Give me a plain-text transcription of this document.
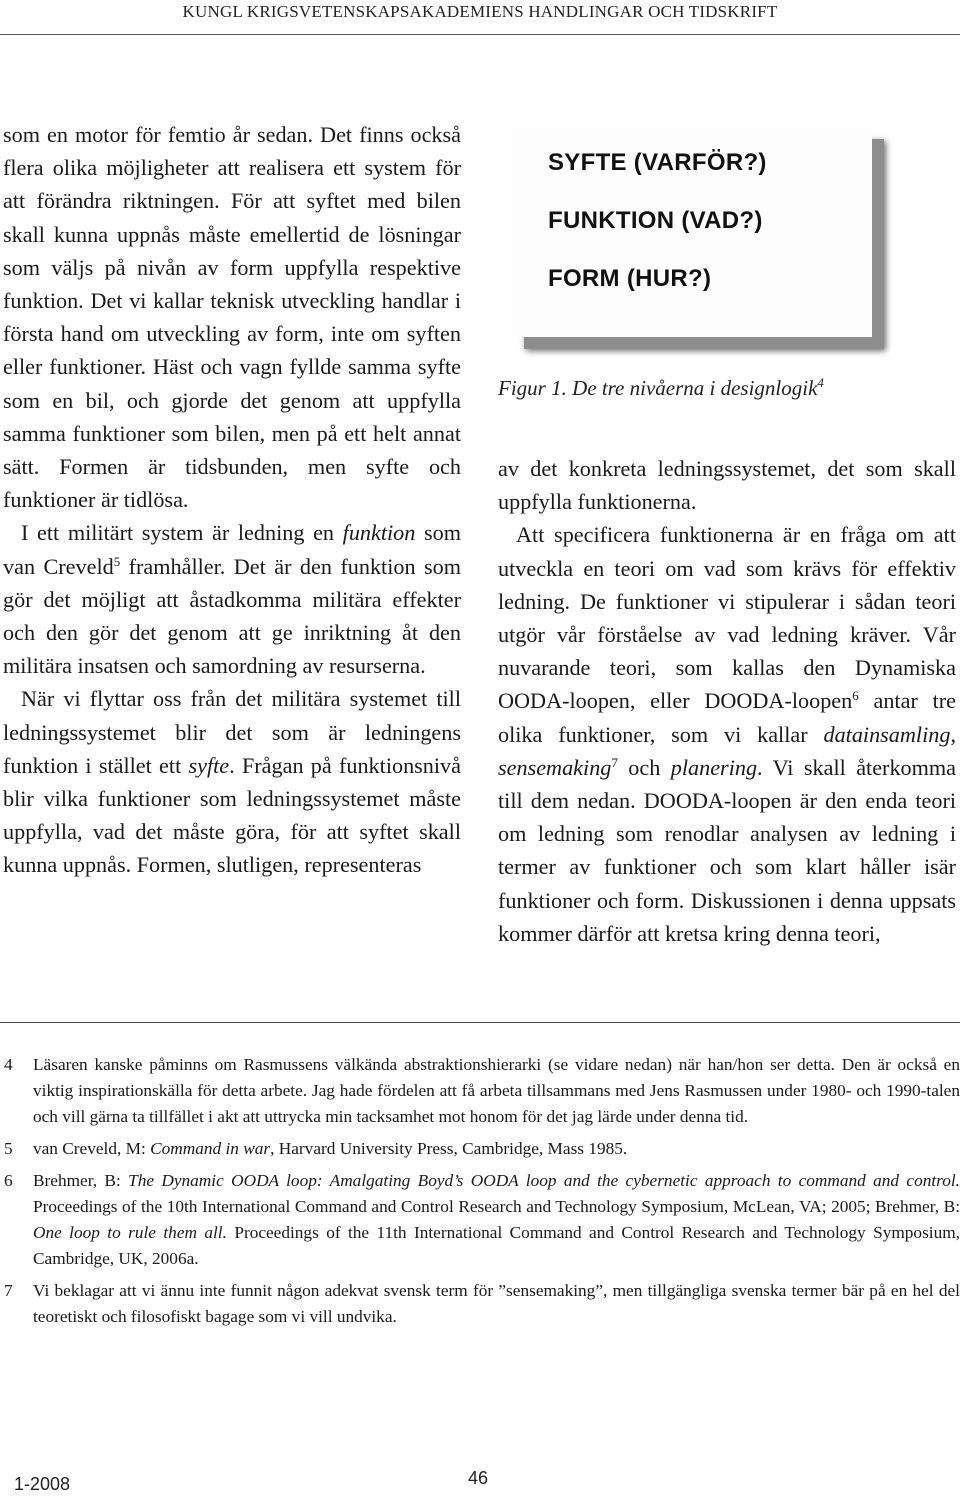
KUNGL KRIGSVETENSKAPSAKADEMIENS HANDLINGAR OCH TIDSKRIFT

som en motor för femtio år sedan. Det finns också flera olika möjligheter att realisera ett system för att förändra riktningen. För att syftet med bilen skall kunna uppnås måste emellertid de lösningar som väljs på nivån av form uppfylla respektive funktion. Det vi kallar teknisk utveckling handlar i första hand om utveckling av form, inte om syften eller funktioner. Häst och vagn fyllde samma syfte som en bil, och gjorde det genom att uppfylla samma funktioner som bilen, men på ett helt annat sätt. Formen är tidsbunden, men syfte och funktioner är tidlösa.

I ett militärt system är ledning en funktion som van Creveld$^5$ framhåller. Det är den funktion som gör det möjligt att åstadkomma militära effekter och den gör det genom att ge inriktning åt den militära insatsen och samordning av resurserna.

När vi flyttar oss från det militära systemet till ledningssystemet blir det som är ledningens funktion i stället ett syfte. Frågan på funktionsnivå blir vilka funktioner som ledningssystemet måste uppfylla, vad det måste göra, för att syftet skall kunna uppnås. Formen, slutligen, representeras

SYFTE (VARFÖR?)
FUNKTION (VAD?)
FORM (HUR?)
Figur 1. De tre nivåerna i designlogik$^4$

av det konkreta ledningssystemet, det som skall uppfylla funktionerna.

Att specificera funktionerna är en fråga om att utveckla en teori om vad som krävs för effektiv ledning. De funktioner vi stipulerar i sådan teori utgör vår förståelse av vad ledning kräver. Vår nuvarande teori, som kallas den Dynamiska OODA-loopen, eller DOODA-loopen$^6$ antar tre olika funktioner, som vi kallar datainsamling, sensemaking$^7$ och planering. Vi skall återkomma till dem nedan. DOODA-loopen är den enda teori om ledning som renodlar analysen av ledning i termer av funktioner och som klart håller isär funktioner och form. Diskussionen i denna uppsats kommer därför att kretsa kring denna teori,

4 Läsaren kanske påminns om Rasmussens välkända abstraktionshierarki (se vidare nedan) när han/hon ser detta. Den är också en viktig inspirationskälla för detta arbete. Jag hade fördelen att få arbeta tillsammans med Jens Rasmussen under 1980- och 1990-talen och vill gärna ta tillfället i akt att uttrycka min tacksamhet mot honom för det jag lärde under denna tid.
5 van Creveld, M: Command in war, Harvard University Press, Cambridge, Mass 1985.
6 Brehmer, B: The Dynamic OODA loop: Amalgating Boyd’s OODA loop and the cybernetic approach to command and control. Proceedings of the 10th International Command and Control Research and Technology Symposium, McLean, VA; 2005; Brehmer, B: One loop to rule them all. Proceedings of the 11th International Command and Control Research and Technology Symposium, Cambridge, UK, 2006a.
7 Vi beklagar att vi ännu inte funnit någon adekvat svensk term för ”sensemaking”, men tillgängliga svenska termer bär på en hel del teoretiskt och filosofiskt bagage som vi vill undvika.
1-2008	46
